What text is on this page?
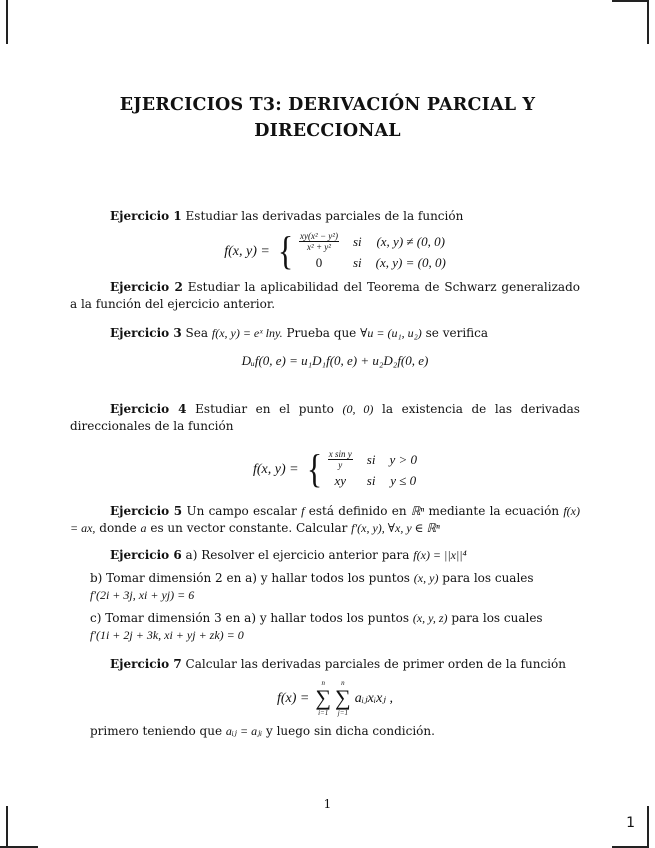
EJERCICIOS T3: DERIVACIÓN PARCIAL Y
DIRECCIONAL

Ejercicio 1 Estudiar las derivadas parciales de la función

f(x, y) = { $\frac{\text{xy(x² − y²)}}{\text{x² + y²}}$ si (x, y) ≠ (0, 0)
0	si (x, y) = (0, 0)

Ejercicio 2 Estudiar la aplicabilidad del Teorema de Schwarz generalizado a la función del ejercicio anterior.

Ejercicio 3 Sea f(x, y) = eˣ lny. Prueba que ∀u = (u₁, u₂) se verifica

Dᵤf(0, e) = u₁D₁f(0, e) + u₂D₂f(0, e)

Ejercicio 4 Estudiar en el punto (0, 0) la existencia de las derivadas direccionales de la función

f(x, y) = { $\frac{\text{x sin y}}{y}$ si y > 0
xy	si y ≤ 0

Ejercicio 5 Un campo escalar f está definido en ℝⁿ mediante la ecuación f(x) = ax, donde a es un vector constante. Calcular f′(x, y), ∀x, y ∈ ℝⁿ

Ejercicio 6 a) Resolver el ejercicio anterior para f(x) = ||x||⁴

b) Tomar dimensión 2 en a) y hallar todos los puntos (x, y) para los cuales
f′(2i + 3j, xi + yj) = 6

c) Tomar dimensión 3 en a) y hallar todos los puntos (x, y, z) para los cuales
f′(1i + 2j + 3k, xi + yj + zk) = 0

Ejercicio 7 Calcular las derivadas parciales de primer orden de la función

f(x) =
n
∑
i=1
n
∑
j=1
aᵢⱼxᵢxⱼ ,

primero teniendo que aᵢⱼ = aⱼᵢ y luego sin dicha condición.

1
1
